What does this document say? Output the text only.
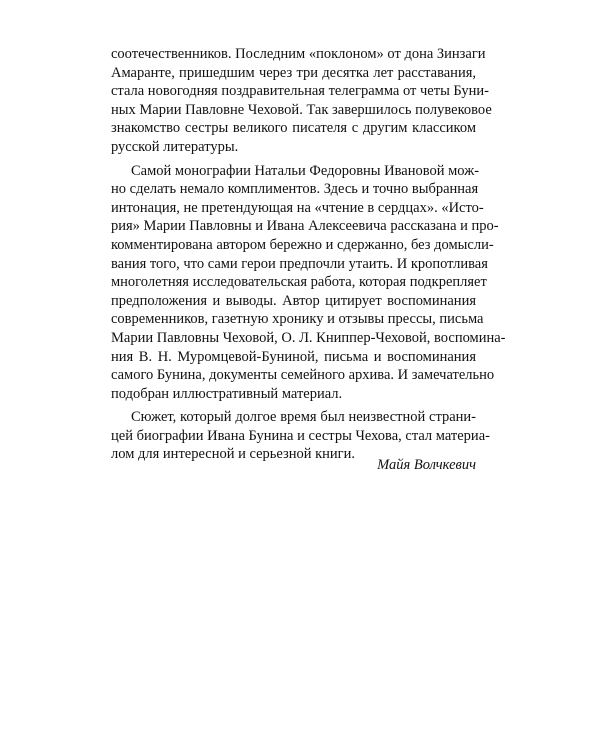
соотечественников. Последним «поклоном» от дона Зинзаги
Амаранте, пришедшим через три десятка лет расставания,
стала новогодняя поздравительная телеграмма от четы Буни-
ных Марии Павловне Чеховой. Так завершилось полувековое
знакомство сестры великого писателя с другим классиком
русской литературы.

Самой монографии Натальи Федоровны Ивановой мож-
но сделать немало комплиментов. Здесь и точно выбранная
интонация, не претендующая на «чтение в сердцах». «Исто-
рия» Марии Павловны и Ивана Алексеевича рассказана и про-
комментирована автором бережно и сдержанно, без домысли-
вания того, что сами герои предпочли утаить. И кропотливая
многолетняя исследовательская работа, которая подкрепляет
предположения и выводы. Автор цитирует воспоминания
современников, газетную хронику и отзывы прессы, письма
Марии Павловны Чеховой, О. Л. Книппер-Чеховой, воспомина-
ния В. Н. Муромцевой-Буниной, письма и воспоминания
самого Бунина, документы семейного архива. И замечательно
подобран иллюстративный материал.

Сюжет, который долгое время был неизвестной страни-
цей биографии Ивана Бунина и сестры Чехова, стал материа-
лом для интересной и серьезной книги.

Майя Волчкевич
